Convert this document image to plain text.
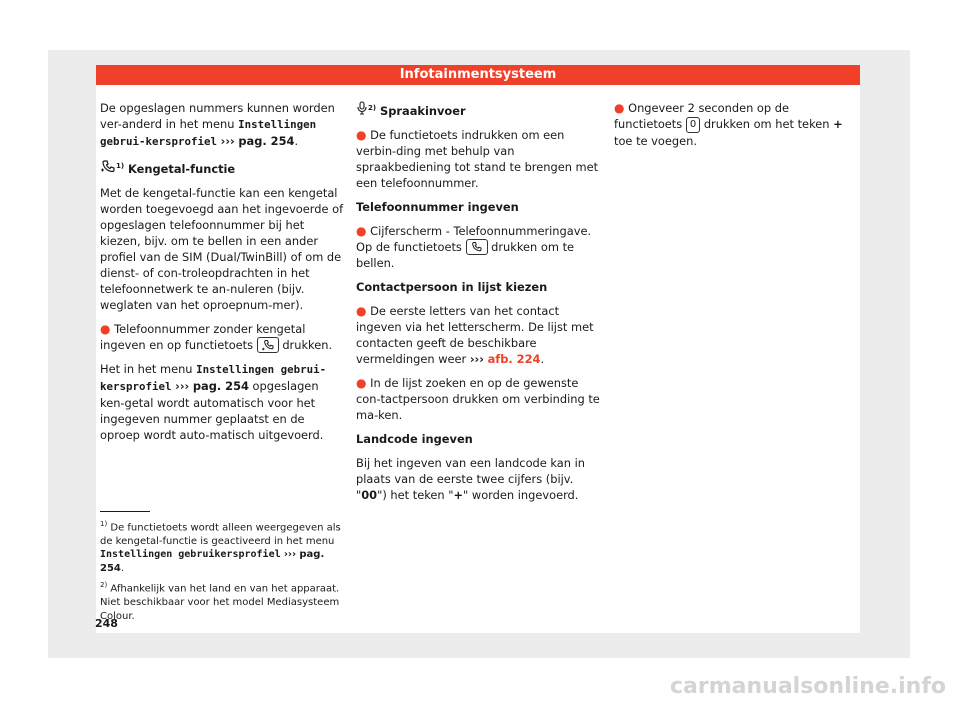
Infotainmentsysteem

De opgeslagen nummers kunnen worden ver-anderd in het menu Instellingen gebrui-kersprofiel ››› pag. 254.

$^{1)}$ Kengetal-functie

Met de kengetal-functie kan een kengetal worden toegevoegd aan het ingevoerde of opgeslagen telefoonnummer bij het kiezen, bijv. om te bellen in een ander profiel van de SIM (Dual/TwinBill) of om de dienst- of con-troleopdrachten in het telefoonnetwerk te an-nuleren (bijv. weglaten van het oproepnum-mer).

● Telefoonnummer zonder kengetal ingeven en op functietoets  drukken.

Het in het menu Instellingen gebrui-kersprofiel ››› pag. 254 opgeslagen ken-getal wordt automatisch voor het ingegeven nummer geplaatst en de oproep wordt auto-matisch uitgevoerd.

$^{2)}$ Spraakinvoer

● De functietoets indrukken om een verbin-ding met behulp van spraakbediening tot stand te brengen met een telefoonnummer.

Telefoonnummer ingeven

● Cijferscherm - Telefoonnummeringave. Op de functietoets  drukken om te bellen.

Contactpersoon in lijst kiezen

● De eerste letters van het contact ingeven via het letterscherm. De lijst met contacten geeft de beschikbare vermeldingen weer ››› afb. 224.

● In de lijst zoeken en op de gewenste con-tactpersoon drukken om verbinding te ma-ken.

Landcode ingeven

Bij het ingeven van een landcode kan in plaats van de eerste twee cijfers (bijv. "00") het teken "+" worden ingevoerd.

● Ongeveer 2 seconden op de functietoets 0 drukken om het teken + toe te voegen.

$^{1)}$ De functietoets wordt alleen weergegeven als de kengetal-functie is geactiveerd in het menu Instellingen gebruikersprofiel ››› pag. 254.

$^{2)}$ Afhankelijk van het land en van het apparaat. Niet beschikbaar voor het model Mediasysteem Colour.

248
carmanualsonline.info
